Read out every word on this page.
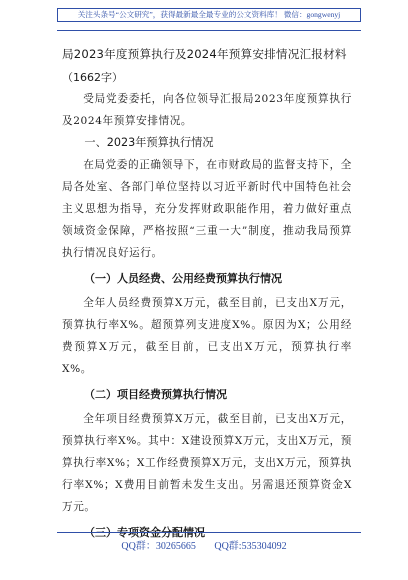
关注头条号“公文研究”，获得最新最全最专业的公文资料库！ 微信：gongwenyj
局2023年度预算执行及2024年预算安排情况汇报材料
（1662字）

受局党委委托，向各位领导汇报局2023年度预算执行及2024年预算安排情况。

一、2023年预算执行情况

在局党委的正确领导下，在市财政局的监督支持下，全局各处室、各部门单位坚持以习近平新时代中国特色社会主义思想为指导，充分发挥财政职能作用，着力做好重点领域资金保障，严格按照“三重一大”制度，推动我局预算执行情况良好运行。

（一）人员经费、公用经费预算执行情况

全年人员经费预算X万元，截至目前，已支出X万元，预算执行率X%。超预算列支进度X%。原因为X；公用经费预算X万元，截至目前，已支出X万元，预算执行率X%。

（二）项目经费预算执行情况

全年项目经费预算X万元，截至目前，已支出X万元，预算执行率X%。其中：X建设预算X万元，支出X万元，预算执行率X%；X工作经费预算X万元，支出X万元，预算执行率X%；X费用目前暂未发生支出。另需退还预算资金X万元。

（三）专项资金分配情况
QQ群：30265665 QQ群:535304092
